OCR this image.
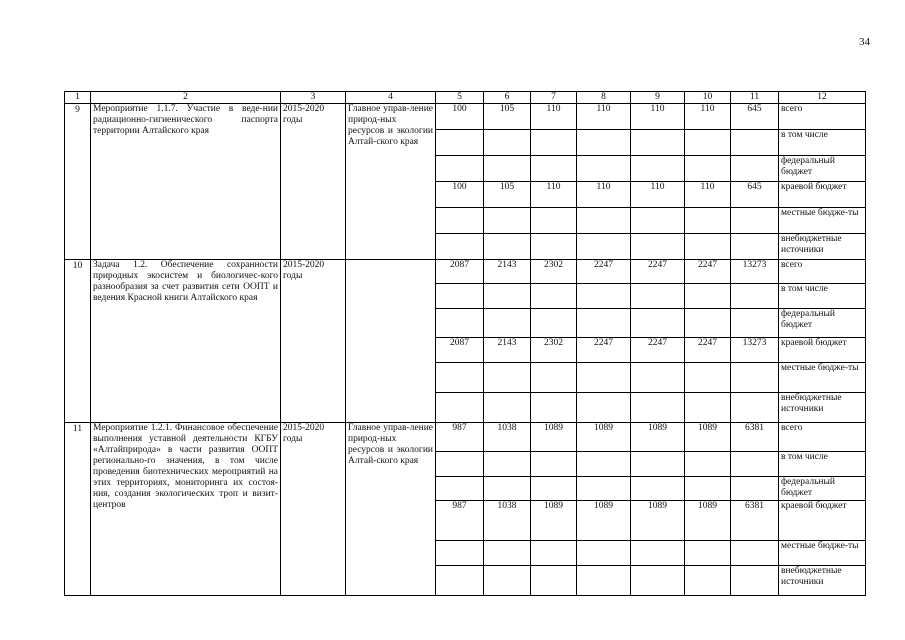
34
1	2	3	4	5	6	7	8	9	10	11	12
9	Мероприятие 1.1.7. Участие в веде-нии радиационно-гигиенического паспорта территории Алтайского края	2015-2020 годы	Главное управ-ление природ-ных ресурсов и экологии Алтай-ского края	100	105	110	110	110	110	645	всего
											в том числе
											федеральный бюджет
				100	105	110	110	110	110	645	краевой бюджет
											местные бюдже-ты
											внебюджетные источники
10	Задача 1.2. Обеспечение сохранности природных экосистем и биологичес-кого разнообразия за счет развития сети ООПТ и ведения Красной книги Алтайского края	2015-2020 годы		2087	2143	2302	2247	2247	2247	13273	всего
											в том числе
											федеральный бюджет
				2087	2143	2302	2247	2247	2247	13273	краевой бюджет
											местные бюдже-ты
											внебюджетные источники
11	Мероприятие 1.2.1. Финансовое обеспечение выполнения уставной деятельности КГБУ «Алтайприрода» в части развития ООПТ регионально-го значения, в том числе проведения биотехнических мероприятий на этих территориях, мониторинга их состоя-ния, создания экологических троп и визит-центров	2015-2020 годы	Главное управ-ление природ-ных ресурсов и экологии Алтай-ского края	987	1038	1089	1089	1089	1089	6381	всего
											в том числе
											федеральный бюджет
				987	1038	1089	1089	1089	1089	6381	краевой бюджет
											местные бюдже-ты
											внебюджетные источники
